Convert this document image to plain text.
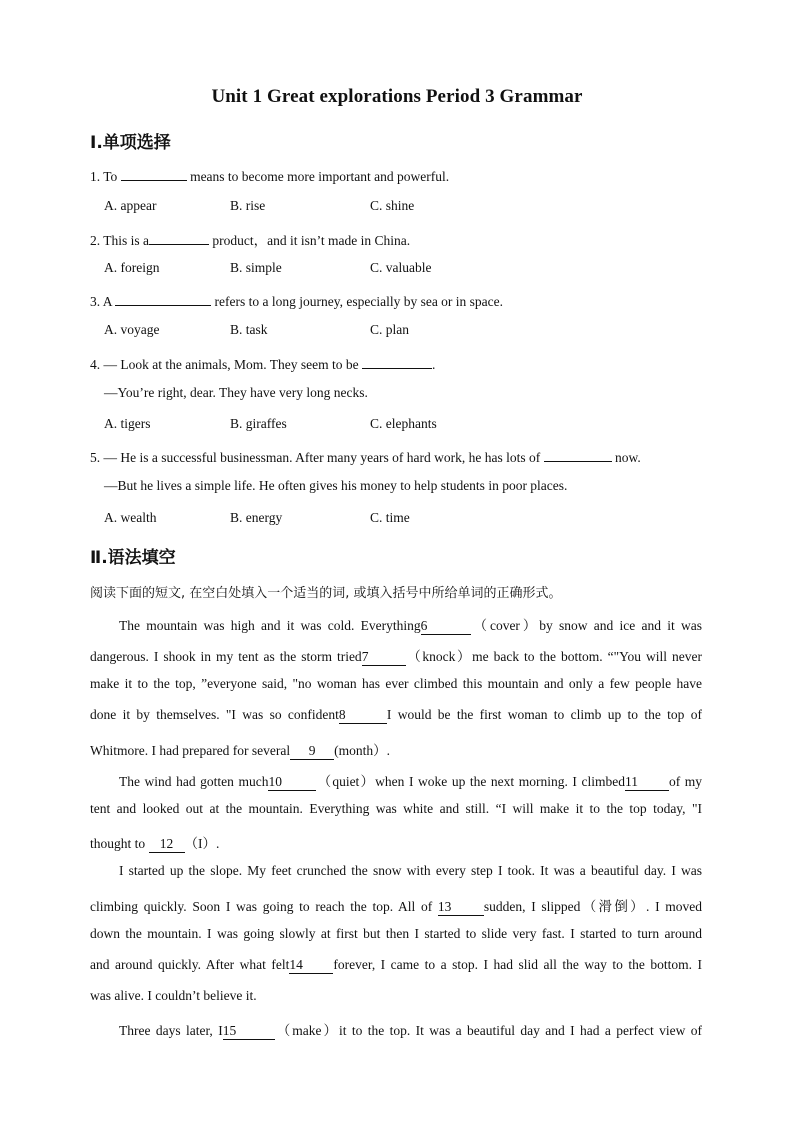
Unit 1 Great explorations Period 3 Grammar
Ⅰ.单项选择
1. To	means to become more important and powerful.
A. appear	B. rise	C. shine
2. This is a	product，and it isn’t made in China.
A. foreign	B. simple	C. valuable
3. A	refers to a long journey, especially by sea or in space.
A. voyage	B. task	C. plan
4. — Look at the animals, Mom. They seem to be	.
—You’re right, dear. They have very long necks.
A. tigers	B. giraffes	C. elephants
5. — He is a successful businessman. After many years of hard work, he has lots of	now.
—But he lives a simple life. He often gives his money to help students in poor places.
A. wealth	B. energy	C. time
Ⅱ.语法填空
阅读下面的短文, 在空白处填入一个适当的词, 或填入括号中所给单词的正确形式。
The mountain was high and it was cold. Everything6	（cover）by snow and ice and it was
dangerous. I shook in my tent as the storm tried7	（knock）me back to the bottom. “"You will never
make it to the top, ”everyone said, "no woman has ever climbed this mountain and only a few people have
done it by themselves. "I was so confident8	I would be the first woman to climb up to the top of
Whitmore. I had prepared for several 9 (month）.
The wind had gotten much10	（quiet）when I woke up the next morning. I climbed11 of my
tent and looked out at the mountain. Everything was white and still. “I will make it to the top today, "I
thought to 12 （I）.
I started up the slope. My feet crunched the snow with every step I took. It was a beautiful day. I was
climbing quickly. Soon I was going to reach the top. All of 13 sudden, I slipped（滑倒）. I moved
down the mountain. I was going slowly at first but then I started to slide very fast. I started to turn around
and around quickly. After what felt14 forever, I came to a stop. I had slid all the way to the bottom. I
was alive. I couldn’t believe it.
Three days later, I15	（make）it to the top. It was a beautiful day and I had a perfect view of
